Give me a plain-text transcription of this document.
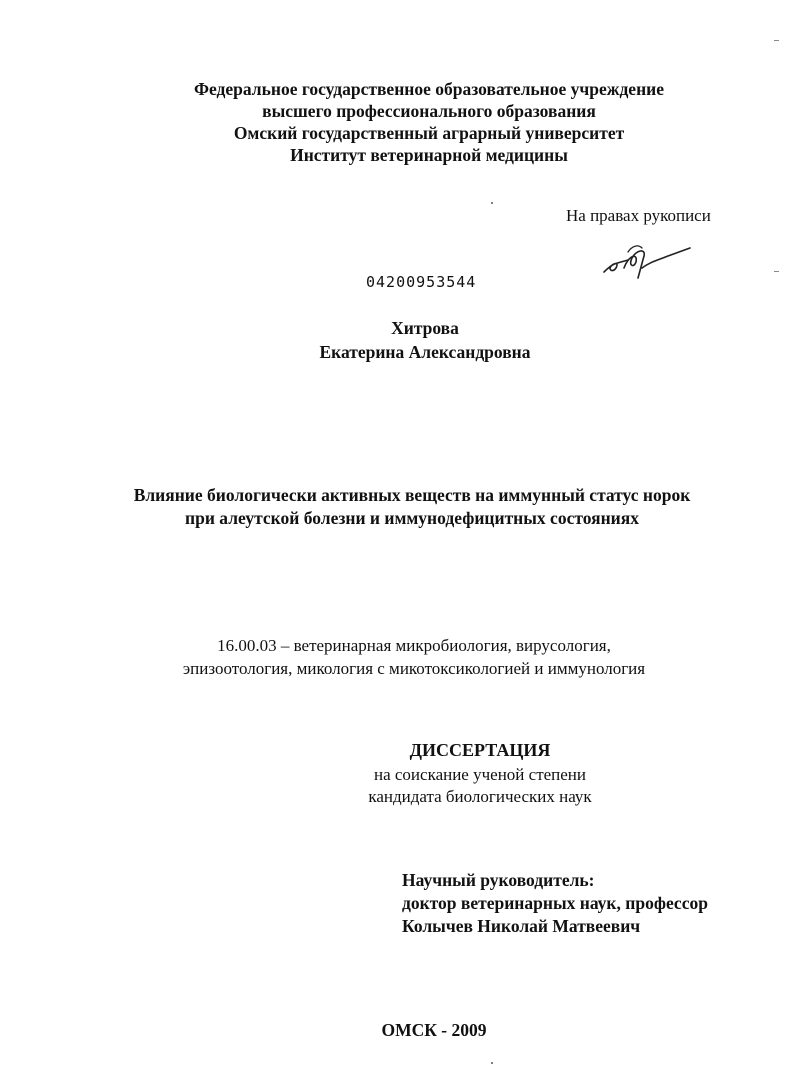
Федеральное государственное образовательное учреждение
высшего профессионального образования
Омский государственный аграрный университет
Институт ветеринарной медицины
На правах рукописи
04200953544
Хитрова
Екатерина Александровна
Влияние биологически активных веществ на иммунный статус норок
при алеутской болезни и иммунодефицитных состояниях
16.00.03 – ветеринарная микробиология, вирусология,
эпизоотология, микология с микотоксикологией и иммунология
ДИССЕРТАЦИЯ
на соискание ученой степени
кандидата биологических наук
Научный руководитель:
доктор ветеринарных наук, профессор
Колычев Николай Матвеевич
ОМСК - 2009
